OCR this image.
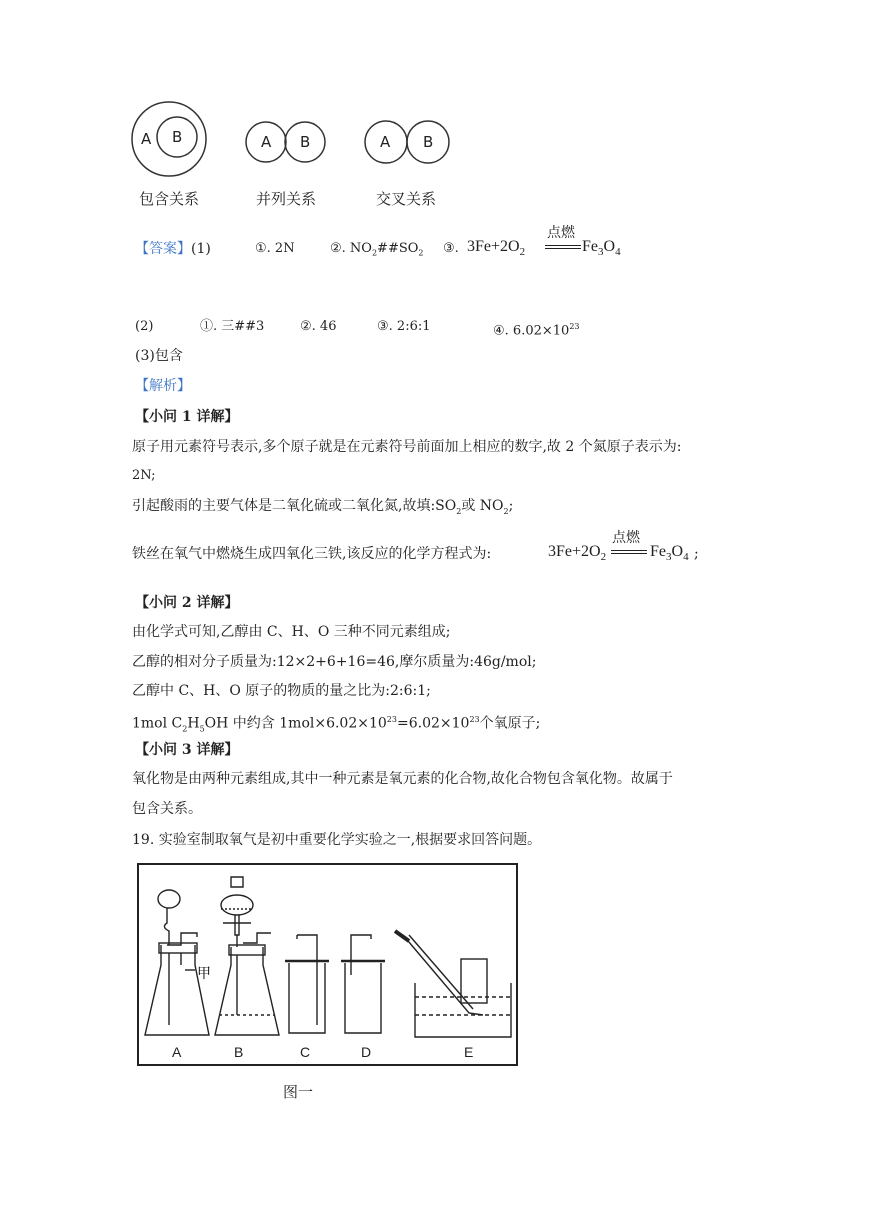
A B	A B	A B
包含关系	并列关系	交叉关系
【答案】(1)	①. 2N	②. $NO_2\#\#SO_2$ ③. $3Fe+2O_2$
点燃
$Fe_3O_4$
(2)	①. 三##3	②. 46	③. 2:6:1	④. $6.02\times 10^{23}$
(3)包含
【解析】
【小问 1 详解】
原子用元素符号表示,多个原子就是在元素符号前面加上相应的数字,故 2 个氮原子表示为:
2N;
引起酸雨的主要气体是二氧化硫或二氧化氮,故填$:SO_2$或 $NO_2$;
铁丝在氧气中燃烧生成四氧化三铁,该反应的化学方程式为:	$3Fe+2O_2$
点燃
$Fe_3O_4$ ;
【小问 2 详解】
由化学式可知,乙醇由 C、H、O 三种不同元素组成;
乙醇的相对分子质量为:12×2+6+16=46,摩尔质量为:46g/mol;
乙醇中 C、H、O 原子的物质的量之比为:2:6:1;
1mol $C_2H_5OH$ 中约含 $1mol\times 6.02\times 10^{23}=6.02\times 10^{23}$个氧原子;
【小问 3 详解】
氧化物是由两种元素组成,其中一种元素是氧元素的化合物,故化合物包含氧化物。故属于
包含关系。
19. 实验室制取氧气是初中重要化学实验之一,根据要求回答问题。
甲
A	B	C	D	E
图一
